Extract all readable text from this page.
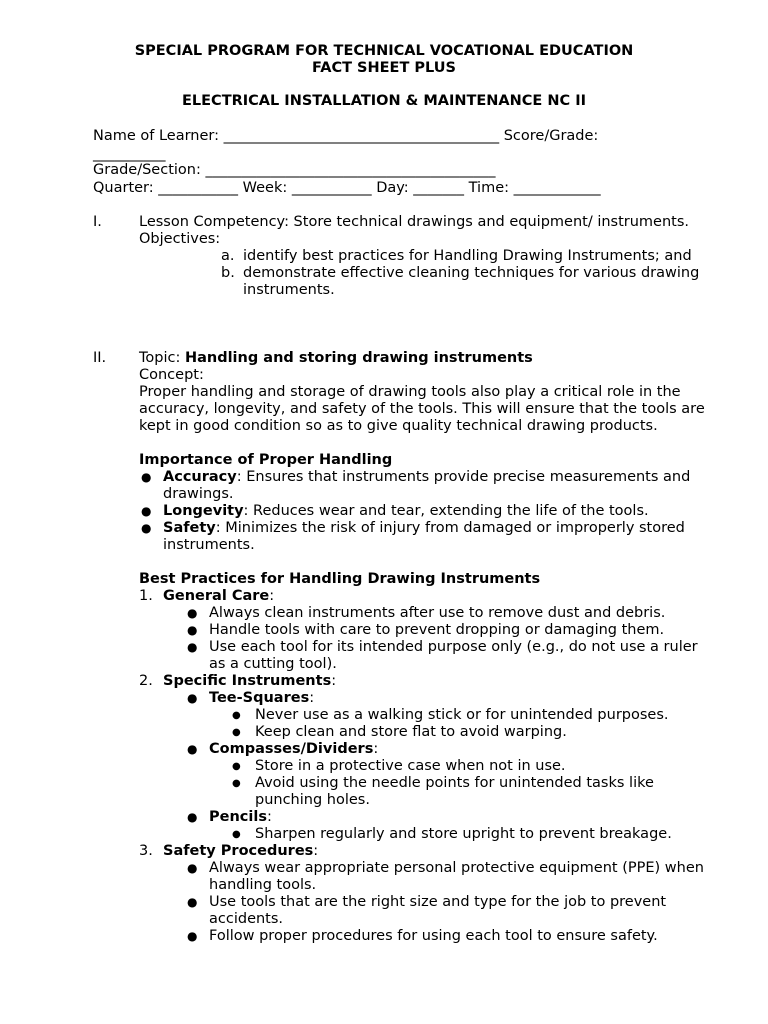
SPECIAL PROGRAM FOR TECHNICAL VOCATIONAL EDUCATION
FACT SHEET PLUS
ELECTRICAL INSTALLATION & MAINTENANCE NC II
Name of Learner: ______________________________________ Score/Grade:
__________
Grade/Section: ________________________________________
Quarter: ___________ Week: ___________ Day: _______ Time: ____________
I.	Lesson Competency: Store technical drawings and equipment/ instruments.
Objectives:
a. identify best practices for Handling Drawing Instruments; and
b. demonstrate effective cleaning techniques for various drawing instruments.
II. Topic: Handling and storing drawing instruments
Concept:
Proper handling and storage of drawing tools also play a critical role in the accuracy, longevity, and safety of the tools. This will ensure that the tools are kept in good condition so as to give quality technical drawing products.
Importance of Proper Handling
● Accuracy: Ensures that instruments provide precise measurements and drawings.
● Longevity: Reduces wear and tear, extending the life of the tools.
● Safety: Minimizes the risk of injury from damaged or improperly stored instruments.
Best Practices for Handling Drawing Instruments
1. General Care:
● Always clean instruments after use to remove dust and debris.
● Handle tools with care to prevent dropping or damaging them.
● Use each tool for its intended purpose only (e.g., do not use a ruler as a cutting tool).
2. Specific Instruments:
● Tee-Squares:
● Never use as a walking stick or for unintended purposes.
● Keep clean and store flat to avoid warping.
● Compasses/Dividers:
● Store in a protective case when not in use.
● Avoid using the needle points for unintended tasks like punching holes.
● Pencils:
● Sharpen regularly and store upright to prevent breakage.
3. Safety Procedures:
● Always wear appropriate personal protective equipment (PPE) when handling tools.
● Use tools that are the right size and type for the job to prevent accidents.
● Follow proper procedures for using each tool to ensure safety.
